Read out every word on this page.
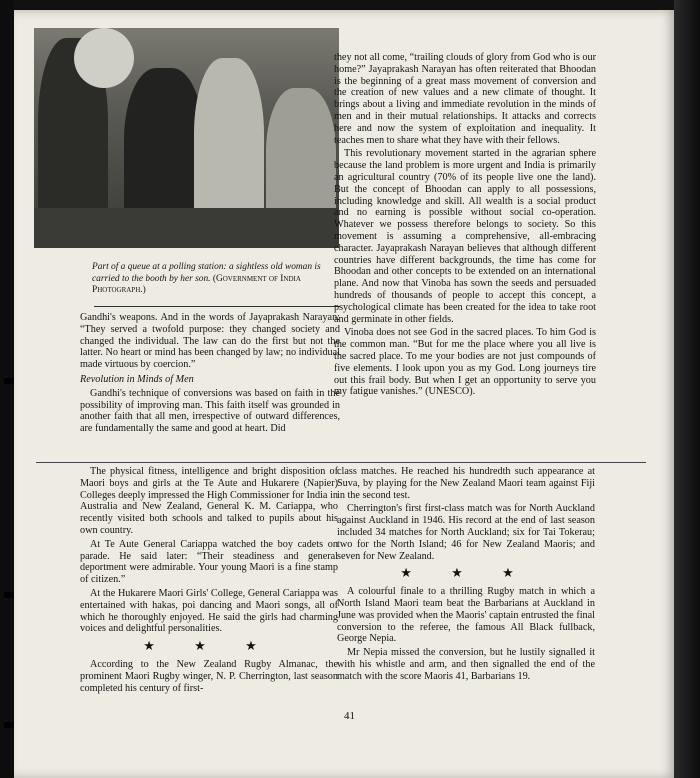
Part of a queue at a polling station: a sightless old woman is carried to the booth by her son. (Government of India Photograph.)

Gandhi's weapons. And in the words of Jayaprakash Narayan: “They served a twofold purpose: they changed society and changed the individual. The law can do the first but not the latter. No heart or mind has been changed by law; no individual made virtuous by coercion.”

Revolution in Minds of Men

Gandhi's technique of conversions was based on faith in the possibility of improving man. This faith itself was grounded in another faith that all men, irrespective of outward differences, are fundamentally the same and good at heart. Did

they not all come, “trailing clouds of glory from God who is our home?” Jayaprakash Narayan has often reiterated that Bhoodan is the beginning of a great mass movement of conversion and the creation of new values and a new climate of thought. It brings about a living and immediate revolution in the minds of men and in their mutual relationships. It attacks and corrects here and now the system of exploitation and inequality. It teaches men to share what they have with their fellows.

This revolutionary movement started in the agrarian sphere because the land problem is more urgent and India is primarily an agricultural country (70% of its people live one the land). But the concept of Bhoodan can apply to all possessions, including knowledge and skill. All wealth is a social product and no earning is possible without social co-operation. Whatever we possess therefore belongs to society. So this movement is assuming a comprehensive, all-embracing character. Jayaprakash Narayan believes that although different countries have different backgrounds, the time has come for Bhoodan and other concepts to be extended on an international plane. And now that Vinoba has sown the seeds and persuaded hundreds of thousands of people to accept this concept, a psychological climate has been created for the idea to take root and germinate in other fields.

Vinoba does not see God in the sacred places. To him God is the common man. “But for me the place where you all live is the sacred place. To me your bodies are not just compounds of five elements. I look upon you as my God. Long journeys tire out this frail body. But when I get an opportunity to serve you my fatigue vanishes.” (UNESCO).

The physical fitness, intelligence and bright disposition of Maori boys and girls at the Te Aute and Hukarere (Napier) Colleges deeply impressed the High Commissioner for India in Australia and New Zealand, General K. M. Cariappa, who recently visited both schools and talked to pupils about his own country.

At Te Aute General Cariappa watched the boy cadets on parade. He said later: “Their steadiness and general deportment were admirable. Your young Maori is a fine stamp of citizen.”

At the Hukarere Maori Girls' College, General Cariappa was entertained with hakas, poi dancing and Maori songs, all of which he thoroughly enjoyed. He said the girls had charming voices and delightful personalities.

★ ★ ★

According to the New Zealand Rugby Almanac, the prominent Maori Rugby winger, N. P. Cherrington, last season completed his century of first-

class matches. He reached his hundredth such appearance at Suva, by playing for the New Zealand Maori team against Fiji in the second test.

Cherrington's first first-class match was for North Auckland against Auckland in 1946. His record at the end of last season included 34 matches for North Auckland; six for Tai Tokerau; two for the North Island; 46 for New Zealand Maoris; and seven for New Zealand.

★ ★ ★

A colourful finale to a thrilling Rugby match in which a North Island Maori team beat the Barbarians at Auckland in June was provided when the Maoris' captain entrusted the final conversion to the referee, the famous All Black fullback, George Nepia.

Mr Nepia missed the conversion, but he lustily signalled it with his whistle and arm, and then signalled the end of the match with the score Maoris 41, Barbarians 19.

41
